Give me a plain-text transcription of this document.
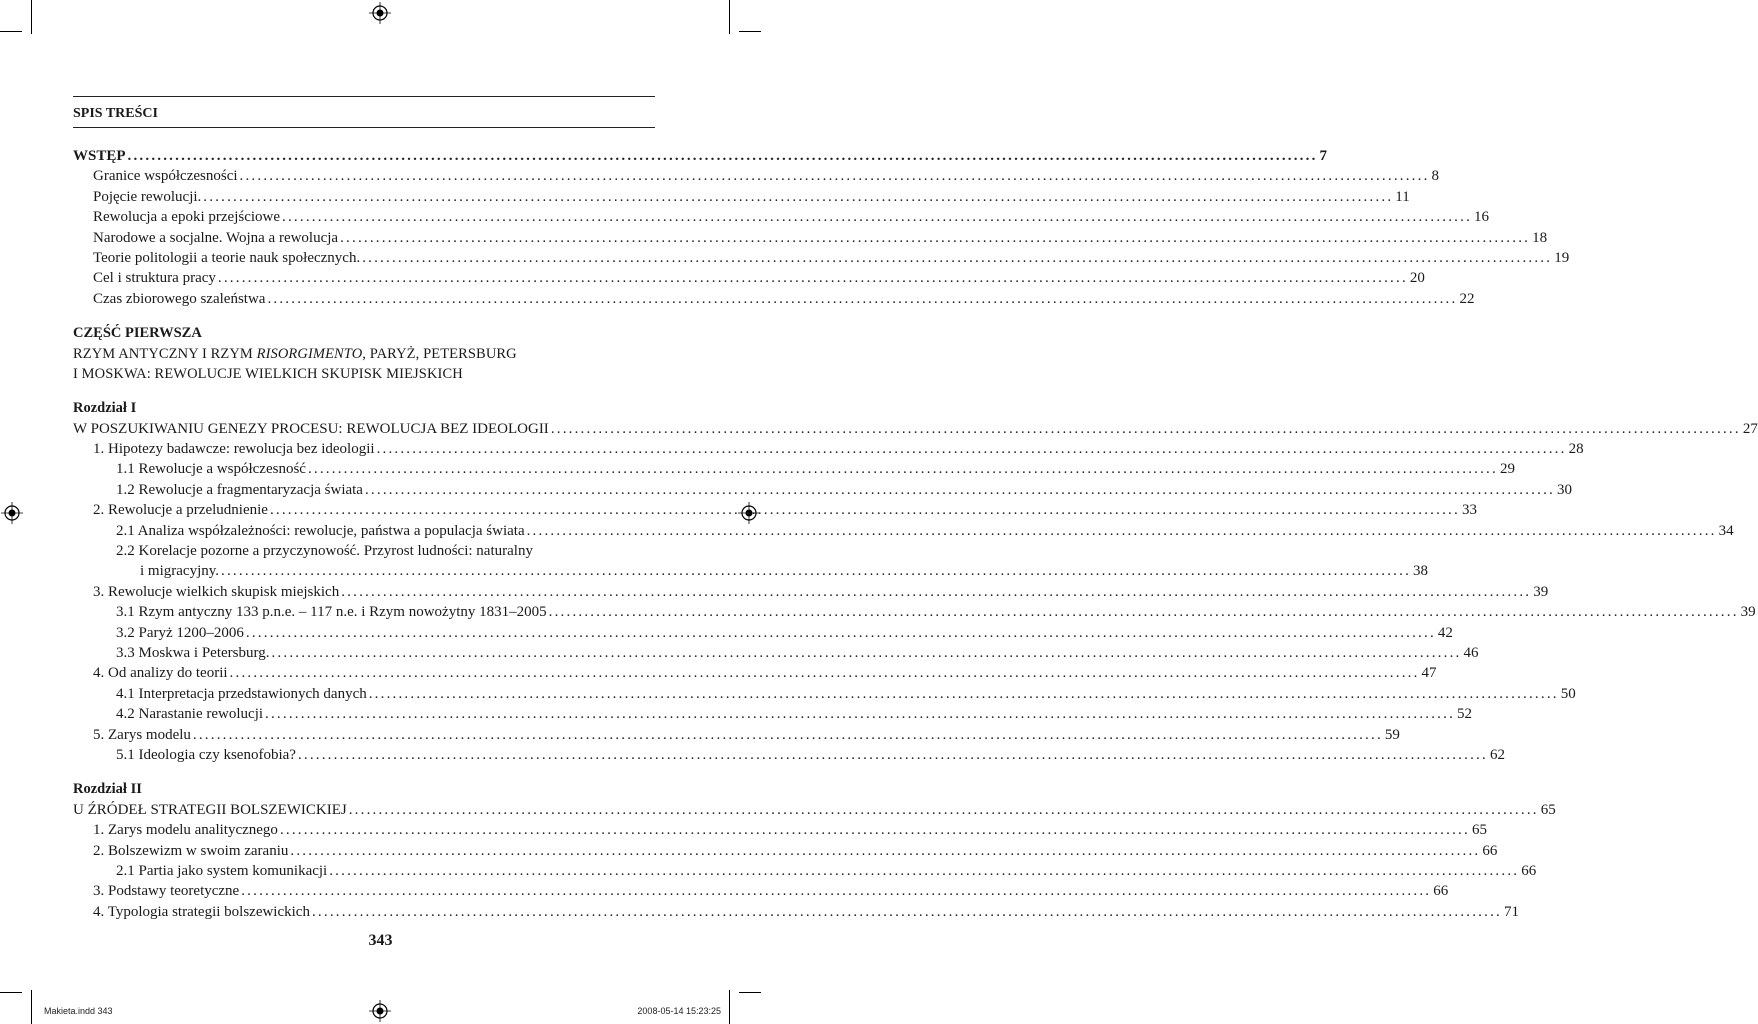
SPIS TREŚCI
WSTĘP ........................................................................................................................................................................................................ 7
Granice współczesności ........................................................................................................................................................................................................ 8
Pojęcie rewolucji. ........................................................................................................................................................................................................ 11
Rewolucja a epoki przejściowe ........................................................................................................................................................................................................ 16
Narodowe a socjalne. Wojna a rewolucja ........................................................................................................................................................................................................ 18
Teorie politologii a teorie nauk społecznych. ........................................................................................................................................................................................................ 19
Cel i struktura pracy ........................................................................................................................................................................................................ 20
Czas zbiorowego szaleństwa ........................................................................................................................................................................................................ 22
CZĘŚĆ PIERWSZA
RZYM ANTYCZNY I RZYM RISORGIMENTO, PARYŻ, PETERSBURG
I MOSKWA: REWOLUCJE WIELKICH SKUPISK MIEJSKICH
Rozdział I
W POSZUKIWANIU GENEZY PROCESU: REWOLUCJA BEZ IDEOLOGII ........................................................................................................................................................................................................ 27
1. Hipotezy badawcze: rewolucja bez ideologii ........................................................................................................................................................................................................ 28
1.1 Rewolucje a współczesność ........................................................................................................................................................................................................ 29
1.2 Rewolucje a fragmentaryzacja świata ........................................................................................................................................................................................................ 30
2. Rewolucje a przeludnienie ........................................................................................................................................................................................................ 33
2.1 Analiza współzależności: rewolucje, państwa a populacja świata ........................................................................................................................................................................................................ 34
2.2 Korelacje pozorne a przyczynowość. Przyrost ludności: naturalny
i migracyjny. ........................................................................................................................................................................................................ 38
3. Rewolucje wielkich skupisk miejskich ........................................................................................................................................................................................................ 39
3.1 Rzym antyczny 133 p.n.e. – 117 n.e. i Rzym nowożytny 1831–2005 ........................................................................................................................................................................................................ 39
3.2 Paryż 1200–2006 ........................................................................................................................................................................................................ 42
3.3 Moskwa i Petersburg. ........................................................................................................................................................................................................ 46
4. Od analizy do teorii ........................................................................................................................................................................................................ 47
4.1 Interpretacja przedstawionych danych ........................................................................................................................................................................................................ 50
4.2 Narastanie rewolucji ........................................................................................................................................................................................................ 52
5. Zarys modelu ........................................................................................................................................................................................................ 59
5.1 Ideologia czy ksenofobia? ........................................................................................................................................................................................................ 62
Rozdział II
U ŹRÓDEŁ STRATEGII BOLSZEWICKIEJ ........................................................................................................................................................................................................ 65
1. Zarys modelu analitycznego ........................................................................................................................................................................................................ 65
2. Bolszewizm w swoim zaraniu ........................................................................................................................................................................................................ 66
2.1 Partia jako system komunikacji ........................................................................................................................................................................................................ 66
3. Podstawy teoretyczne ........................................................................................................................................................................................................ 66
4. Typologia strategii bolszewickich ........................................................................................................................................................................................................ 71
343
Makieta.indd 343	2008-05-14 15:23:25
